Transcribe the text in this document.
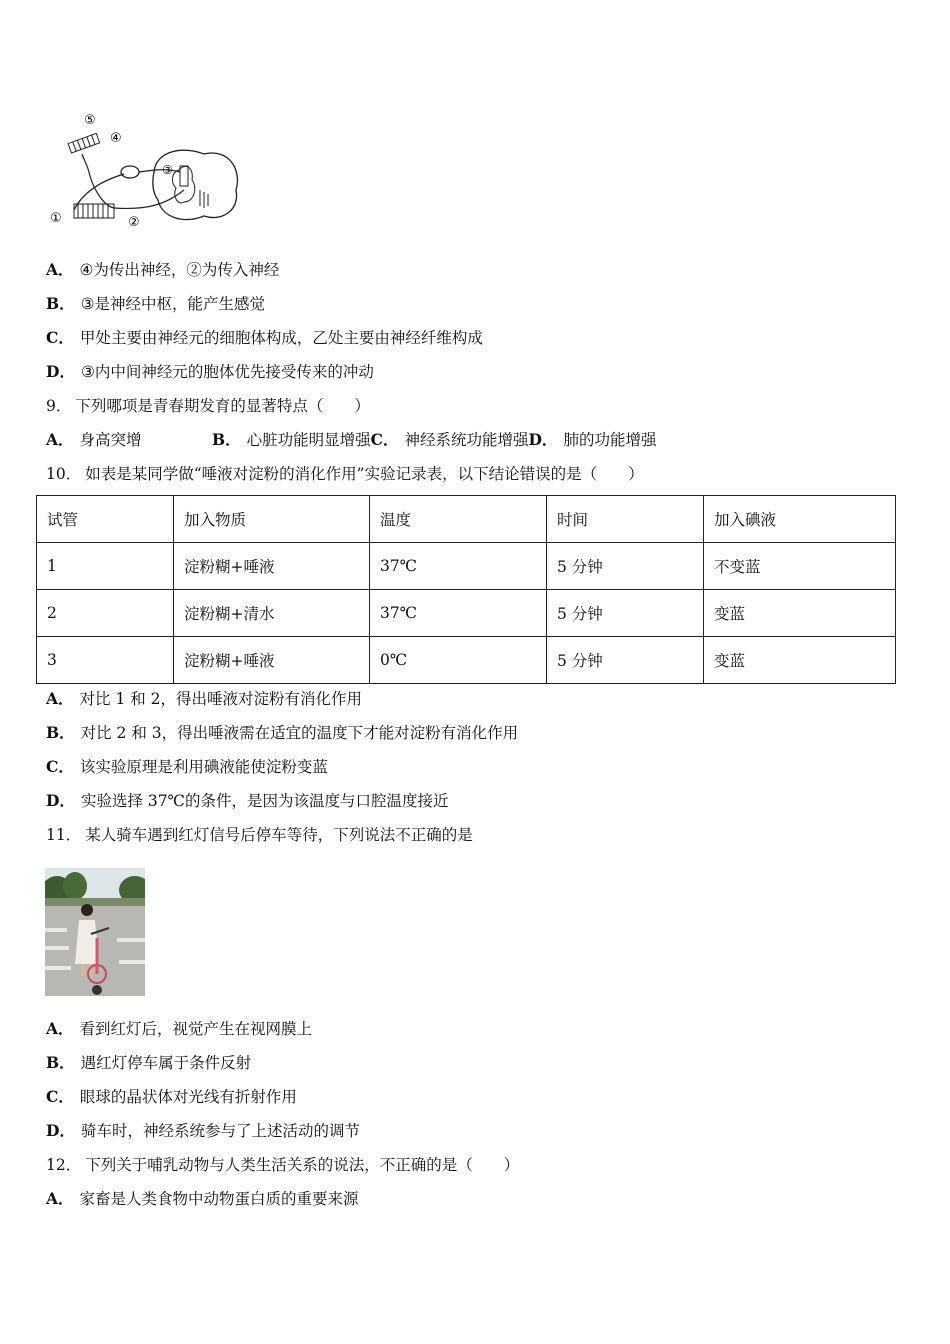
①	②
③
④
⑤
A． ④为传出神经，②为传入神经
B． ③是神经中枢，能产生感觉
C． 甲处主要由神经元的细胞体构成，乙处主要由神经纤维构成
D． ③内中间神经元的胞体优先接受传来的冲动
9． 下列哪项是青春期发育的显著特点（　　）
A． 身高突增	B． 心脏功能明显增强C． 神经系统功能增强D． 肺的功能增强
10． 如表是某同学做“唾液对淀粉的消化作用”实验记录表，以下结论错误的是（　　）
试管	加入物质	温度	时间	加入碘液
1	淀粉糊+唾液	37℃	5 分钟	不变蓝
2	淀粉糊+清水	37℃	5 分钟	变蓝
3	淀粉糊+唾液	0℃	5 分钟	变蓝
A． 对比 1 和 2，得出唾液对淀粉有消化作用
B． 对比 2 和 3，得出唾液需在适宜的温度下才能对淀粉有消化作用
C． 该实验原理是利用碘液能使淀粉变蓝
D． 实验选择 37℃的条件，是因为该温度与口腔温度接近
11． 某人骑车遇到红灯信号后停车等待，下列说法不正确的是
A． 看到红灯后，视觉产生在视网膜上
B． 遇红灯停车属于条件反射
C． 眼球的晶状体对光线有折射作用
D． 骑车时，神经系统参与了上述活动的调节
12． 下列关于哺乳动物与人类生活关系的说法，不正确的是（　　）
A． 家畜是人类食物中动物蛋白质的重要来源
